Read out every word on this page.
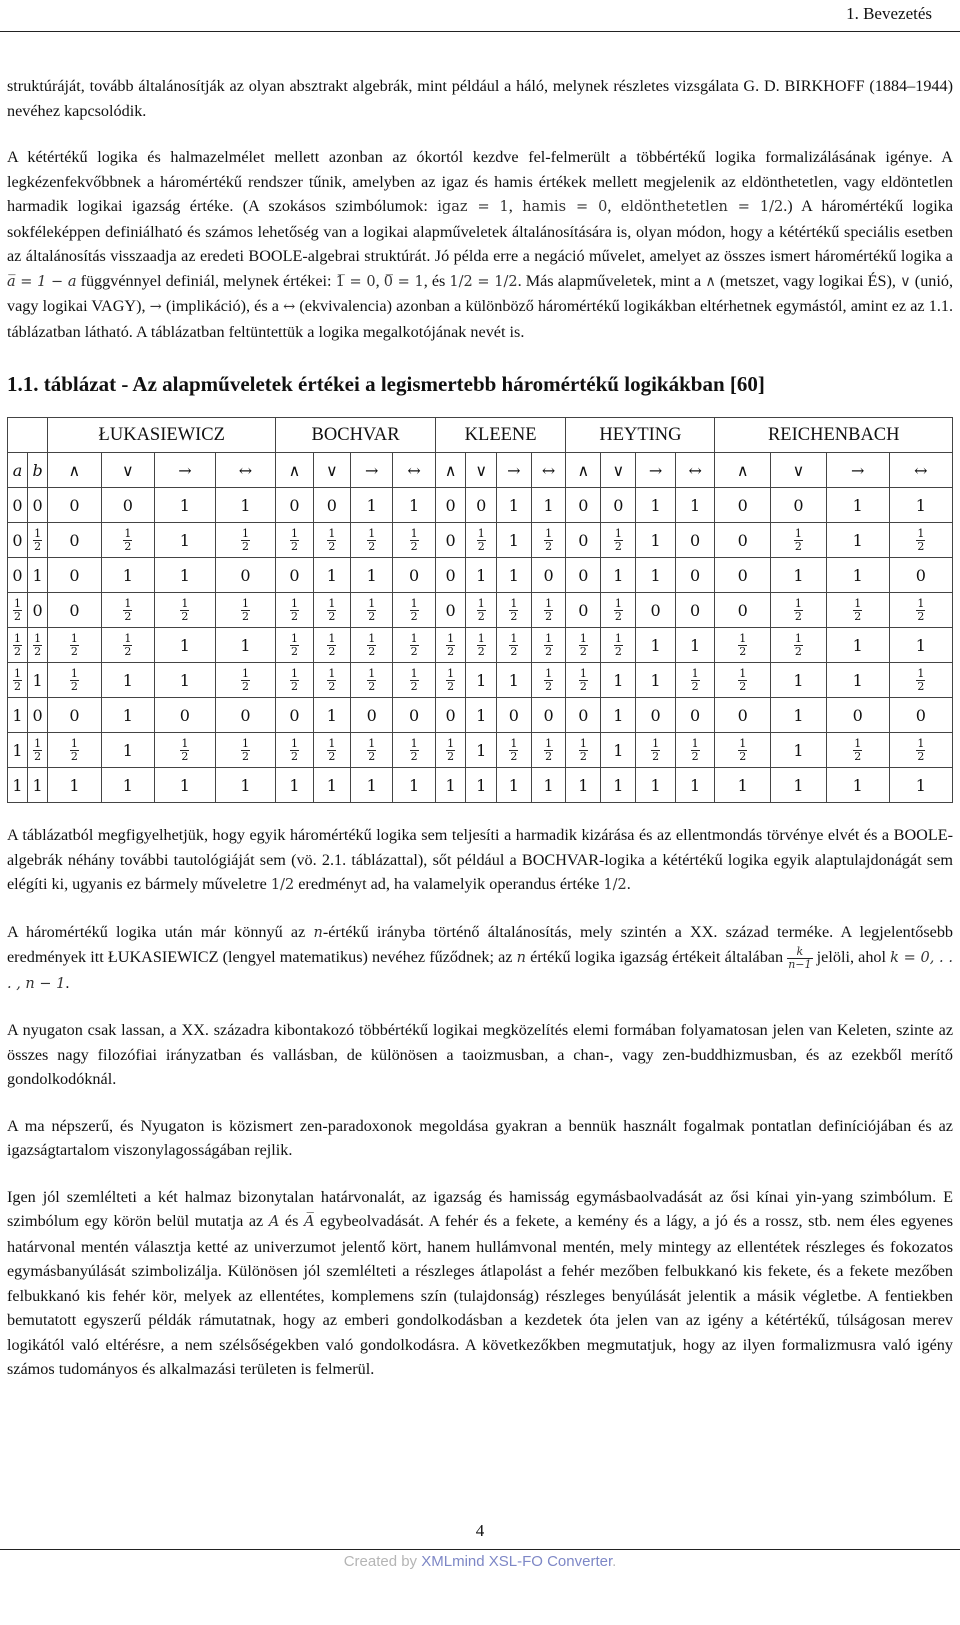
1. Bevezetés

struktúráját, tovább általánosítják az olyan absztrakt algebrák, mint például a háló, melynek részletes vizsgálata G. D. BIRKHOFF (1884–1944) nevéhez kapcsolódik.

A kétértékű logika és halmazelmélet mellett azonban az ókortól kezdve fel-felmerült a többértékű logika formalizálásának igénye. A legkézenfekvőbbnek a háromértékű rendszer tűnik, amelyben az igaz és hamis értékek mellett megjelenik az eldönthetetlen, vagy eldöntetlen harmadik logikai igazság értéke. (A szokásos szimbólumok: igaz = 1, hamis = 0, eldönthetetlen = 1/2.) A háromértékű logika sokféleképpen definiálható és számos lehetőség van a logikai alapműveletek általánosítására is, olyan módon, hogy a kétértékű speciális esetben az általánosítás visszaadja az eredeti BOOLE-algebrai struktúrát. Jó példa erre a negáció művelet, amelyet az összes ismert háromértékű logika a a̅ = 1 − a függvénnyel definiál, melynek értékei: 1̅ = 0, 0̅ = 1, és 1/2 = 1/2. Más alapműveletek, mint a ∧ (metszet, vagy logikai ÉS), ∨ (unió, vagy logikai VAGY), → (implikáció), és a ↔ (ekvivalencia) azonban a különböző háromértékű logikákban eltérhetnek egymástól, amint ez az 1.1. táblázatban látható. A táblázatban feltüntettük a logika megalkotójának nevét is.

1.1. táblázat - Az alapműveletek értékei a legismertebb háromértékű logikákban [60]
		ŁUKASIEWICZ				BOCHVAR				KLEENE				HEYTING				REICHENBACH			
a	b	∧	∨	→	↔	∧	∨	→	↔	∧	∨	→	↔	∧	∨	→	↔	∧	∨	→	↔
0	0	0	0	1	1	0	0	1	1	0	0	1	1	0	0	1	1	0	0	1	1
0	$\frac{1}{2}$	0	$\frac{1}{2}$	1	$\frac{1}{2}$	$\frac{1}{2}$	$\frac{1}{2}$	$\frac{1}{2}$	$\frac{1}{2}$	0	$\frac{1}{2}$	1	$\frac{1}{2}$	0	$\frac{1}{2}$	1	0	0	$\frac{1}{2}$	1	$\frac{1}{2}$

0	1	0	1	1	0	0	1	1	0	0	1	1	0	0	1	1	0	0	1	1	0

$\frac{1}{2}$	0	0	$\frac{1}{2}$	$\frac{1}{2}$	$\frac{1}{2}$	$\frac{1}{2}$	$\frac{1}{2}$	$\frac{1}{2}$	$\frac{1}{2}$	0	$\frac{1}{2}$	$\frac{1}{2}$	$\frac{1}{2}$	0	$\frac{1}{2}$	0	0	0	$\frac{1}{2}$	$\frac{1}{2}$	$\frac{1}{2}$

$\frac{1}{2}$	$\frac{1}{2}$	$\frac{1}{2}$	$\frac{1}{2}$	1	1	$\frac{1}{2}$	$\frac{1}{2}$	$\frac{1}{2}$	$\frac{1}{2}$	$\frac{1}{2}$	$\frac{1}{2}$	$\frac{1}{2}$	$\frac{1}{2}$	$\frac{1}{2}$	$\frac{1}{2}$	1	1	$\frac{1}{2}$	$\frac{1}{2}$	1	1

$\frac{1}{2}$	1	$\frac{1}{2}$	1	1	$\frac{1}{2}$	$\frac{1}{2}$	$\frac{1}{2}$	$\frac{1}{2}$	$\frac{1}{2}$	$\frac{1}{2}$	1	1	$\frac{1}{2}$	$\frac{1}{2}$	1	1	$\frac{1}{2}$	$\frac{1}{2}$	1	1	$\frac{1}{2}$

1	0	0	1	0	0	0	1	0	0	0	1	0	0	0	1	0	0	0	1	0	0
1	$\frac{1}{2}$	$\frac{1}{2}$	1	$\frac{1}{2}$	$\frac{1}{2}$	$\frac{1}{2}$	$\frac{1}{2}$	$\frac{1}{2}$	$\frac{1}{2}$	$\frac{1}{2}$	1	$\frac{1}{2}$	$\frac{1}{2}$	$\frac{1}{2}$	1	$\frac{1}{2}$	$\frac{1}{2}$	$\frac{1}{2}$	1	$\frac{1}{2}$	$\frac{1}{2}$

1	1	1	1	1	1	1	1	1	1	1	1	1	1	1	1	1	1	1	1	1	1

A táblázatból megfigyelhetjük, hogy egyik háromértékű logika sem teljesíti a harmadik kizárása és az ellentmondás törvénye elvét és a BOOLE-algebrák néhány további tautológiáját sem (vö. 2.1. táblázattal), sőt például a BOCHVAR-logika a kétértékű logika egyik alaptulajdonágát sem elégíti ki, ugyanis ez bármely műveletre 1/2 eredményt ad, ha valamelyik operandus értéke 1/2.

A háromértékű logika után már könnyű az n-értékű irányba történő általánosítás, mely szintén a XX. század terméke. A legjelentősebb eredmények itt ŁUKASIEWICZ (lengyel matematikus) nevéhez fűződnek; az n értékű logika igazság értékeit általában $\frac{k}{n-1}$ jelöli, ahol k = 0, . . . , n − 1.

A nyugaton csak lassan, a XX. századra kibontakozó többértékű logikai megközelítés elemi formában folyamatosan jelen van Keleten, szinte az összes nagy filozófiai irányzatban és vallásban, de különösen a taoizmusban, a chan-, vagy zen-buddhizmusban, és az ezekből merítő gondolkodóknál.

A ma népszerű, és Nyugaton is közismert zen-paradoxonok megoldása gyakran a bennük használt fogalmak pontatlan definíciójában és az igazságtartalom viszonylagosságában rejlik.

Igen jól szemlélteti a két halmaz bizonytalan határvonalát, az igazság és hamisság egymásbaolvadását az ősi kínai yin-yang szimbólum. E szimbólum egy körön belül mutatja az A és A̅ egybeolvadását. A fehér és a fekete, a kemény és a lágy, a jó és a rossz, stb. nem éles egyenes határvonal mentén választja ketté az univerzumot jelentő kört, hanem hullámvonal mentén, mely mintegy az ellentétek részleges és fokozatos egymásbanyúlását szimbolizálja. Különösen jól szemlélteti a részleges átlapolást a fehér mezőben felbukkanó kis fekete, és a fekete mezőben felbukkanó kis fehér kör, melyek az ellentétes, komplemens szín (tulajdonság) részleges benyúlását jelentik a másik végletbe. A fentiekben bemutatott egyszerű példák rámutatnak, hogy az emberi gondolkodásban a kezdetek óta jelen van az igény a kétértékű, túlságosan merev logikától való eltérésre, a nem szélsőségekben való gondolkodásra. A következőkben megmutatjuk, hogy az ilyen formalizmusra való igény számos tudományos és alkalmazási területen is felmerül.

4
Created by XMLmind XSL-FO Converter.
